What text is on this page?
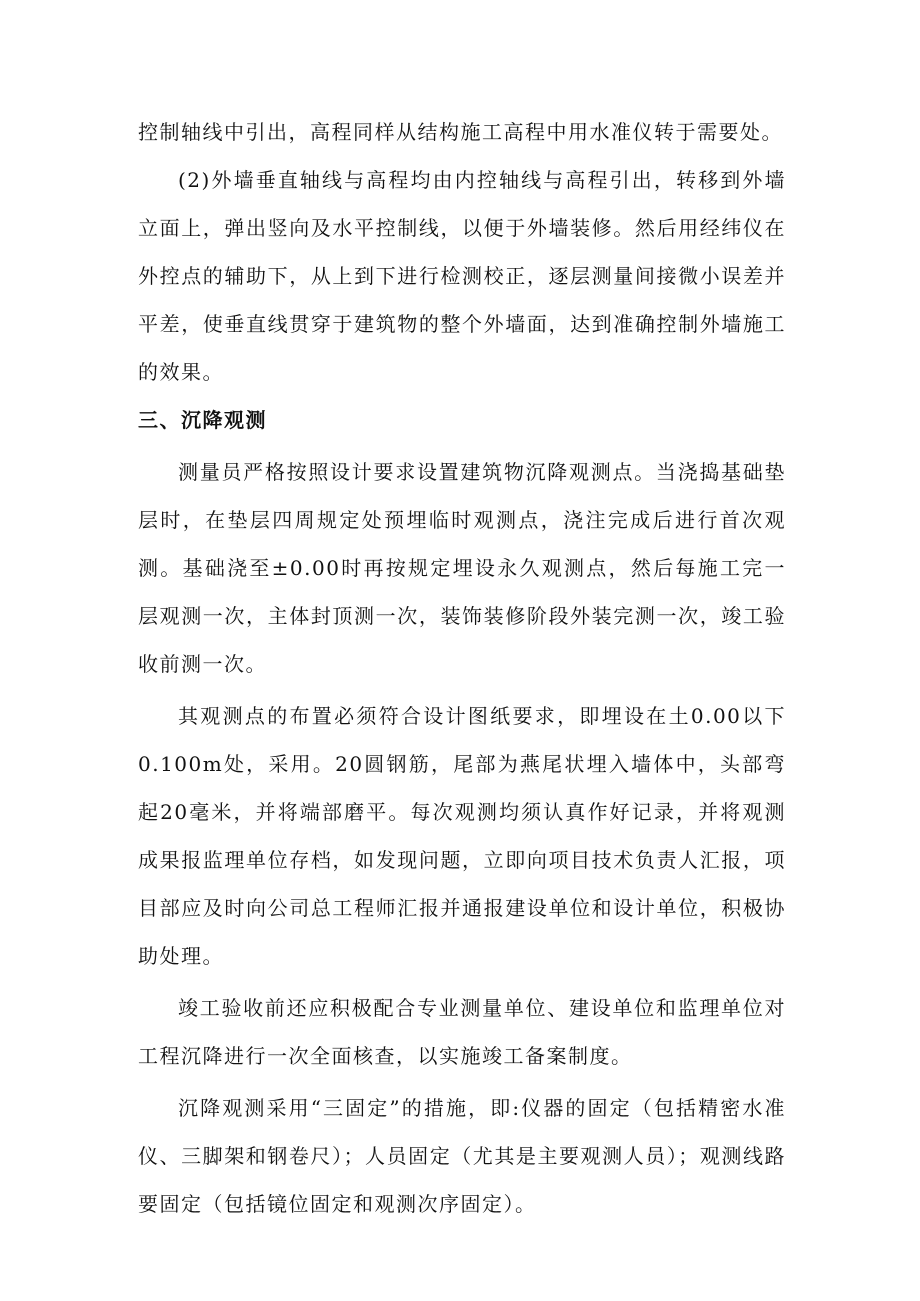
控制轴线中引出，高程同样从结构施工高程中用水准仪转于需要处。

(2)外墙垂直轴线与高程均由内控轴线与高程引出，转移到外墙立面上，弹出竖向及水平控制线，以便于外墙装修。然后用经纬仪在外控点的辅助下，从上到下进行检测校正，逐层测量间接微小误差并平差，使垂直线贯穿于建筑物的整个外墙面，达到准确控制外墙施工的效果。

三、沉降观测

测量员严格按照设计要求设置建筑物沉降观测点。当浇捣基础垫层时，在垫层四周规定处预埋临时观测点，浇注完成后进行首次观测。基础浇至±0.00时再按规定埋设永久观测点，然后每施工完一层观测一次，主体封顶测一次，装饰装修阶段外装完测一次，竣工验收前测一次。

其观测点的布置必须符合设计图纸要求，即埋设在土0.00以下0.100m处，采用。20圆钢筋，尾部为燕尾状埋入墙体中，头部弯起20毫米，并将端部磨平。每次观测均须认真作好记录，并将观测成果报监理单位存档，如发现问题，立即向项目技术负责人汇报，项目部应及时向公司总工程师汇报并通报建设单位和设计单位，积极协助处理。

竣工验收前还应积极配合专业测量单位、建设单位和监理单位对工程沉降进行一次全面核查，以实施竣工备案制度。

沉降观测采用“三固定”的措施，即:仪器的固定（包括精密水准仪、三脚架和钢卷尺）；人员固定（尤其是主要观测人员）；观测线路要固定（包括镜位固定和观测次序固定）。
